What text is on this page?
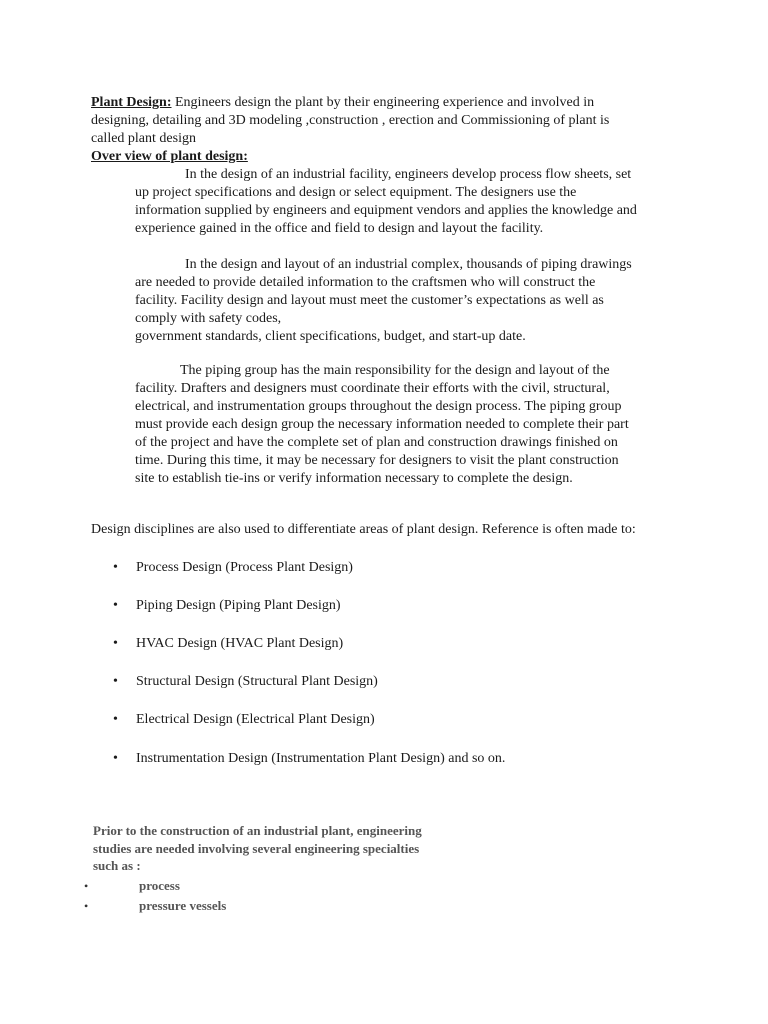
Plant Design: Engineers design the plant by their engineering experience and involved in
designing, detailing and 3D modeling ,construction , erection and Commissioning of plant is
called plant design
Over view of plant design:
In the design of an industrial facility, engineers develop process flow sheets, set
up project specifications and design or select equipment. The designers use the
information supplied by engineers and equipment vendors and applies the knowledge and
experience gained in the office and field to design and layout the facility.
In the design and layout of an industrial complex, thousands of piping drawings
are needed to provide detailed information to the craftsmen who will construct the
facility. Facility design and layout must meet the customer’s expectations as well as
comply with safety codes,
government standards, client specifications, budget, and start-up date.
The piping group has the main responsibility for the design and layout of the
facility. Drafters and designers must coordinate their efforts with the civil, structural,
electrical, and instrumentation groups throughout the design process. The piping group
must provide each design group the necessary information needed to complete their part
of the project and have the complete set of plan and construction drawings finished on
time. During this time, it may be necessary for designers to visit the plant construction
site to establish tie-ins or verify information necessary to complete the design.
Design disciplines are also used to differentiate areas of plant design. Reference is often made to:
• Process Design (Process Plant Design)
• Piping Design (Piping Plant Design)
• HVAC Design (HVAC Plant Design)
• Structural Design (Structural Plant Design)
• Electrical Design (Electrical Plant Design)
• Instrumentation Design (Instrumentation Plant Design) and so on.
Prior to the construction of an industrial plant, engineering
studies are needed involving several engineering specialties
such as :
•	process
•	pressure vessels
